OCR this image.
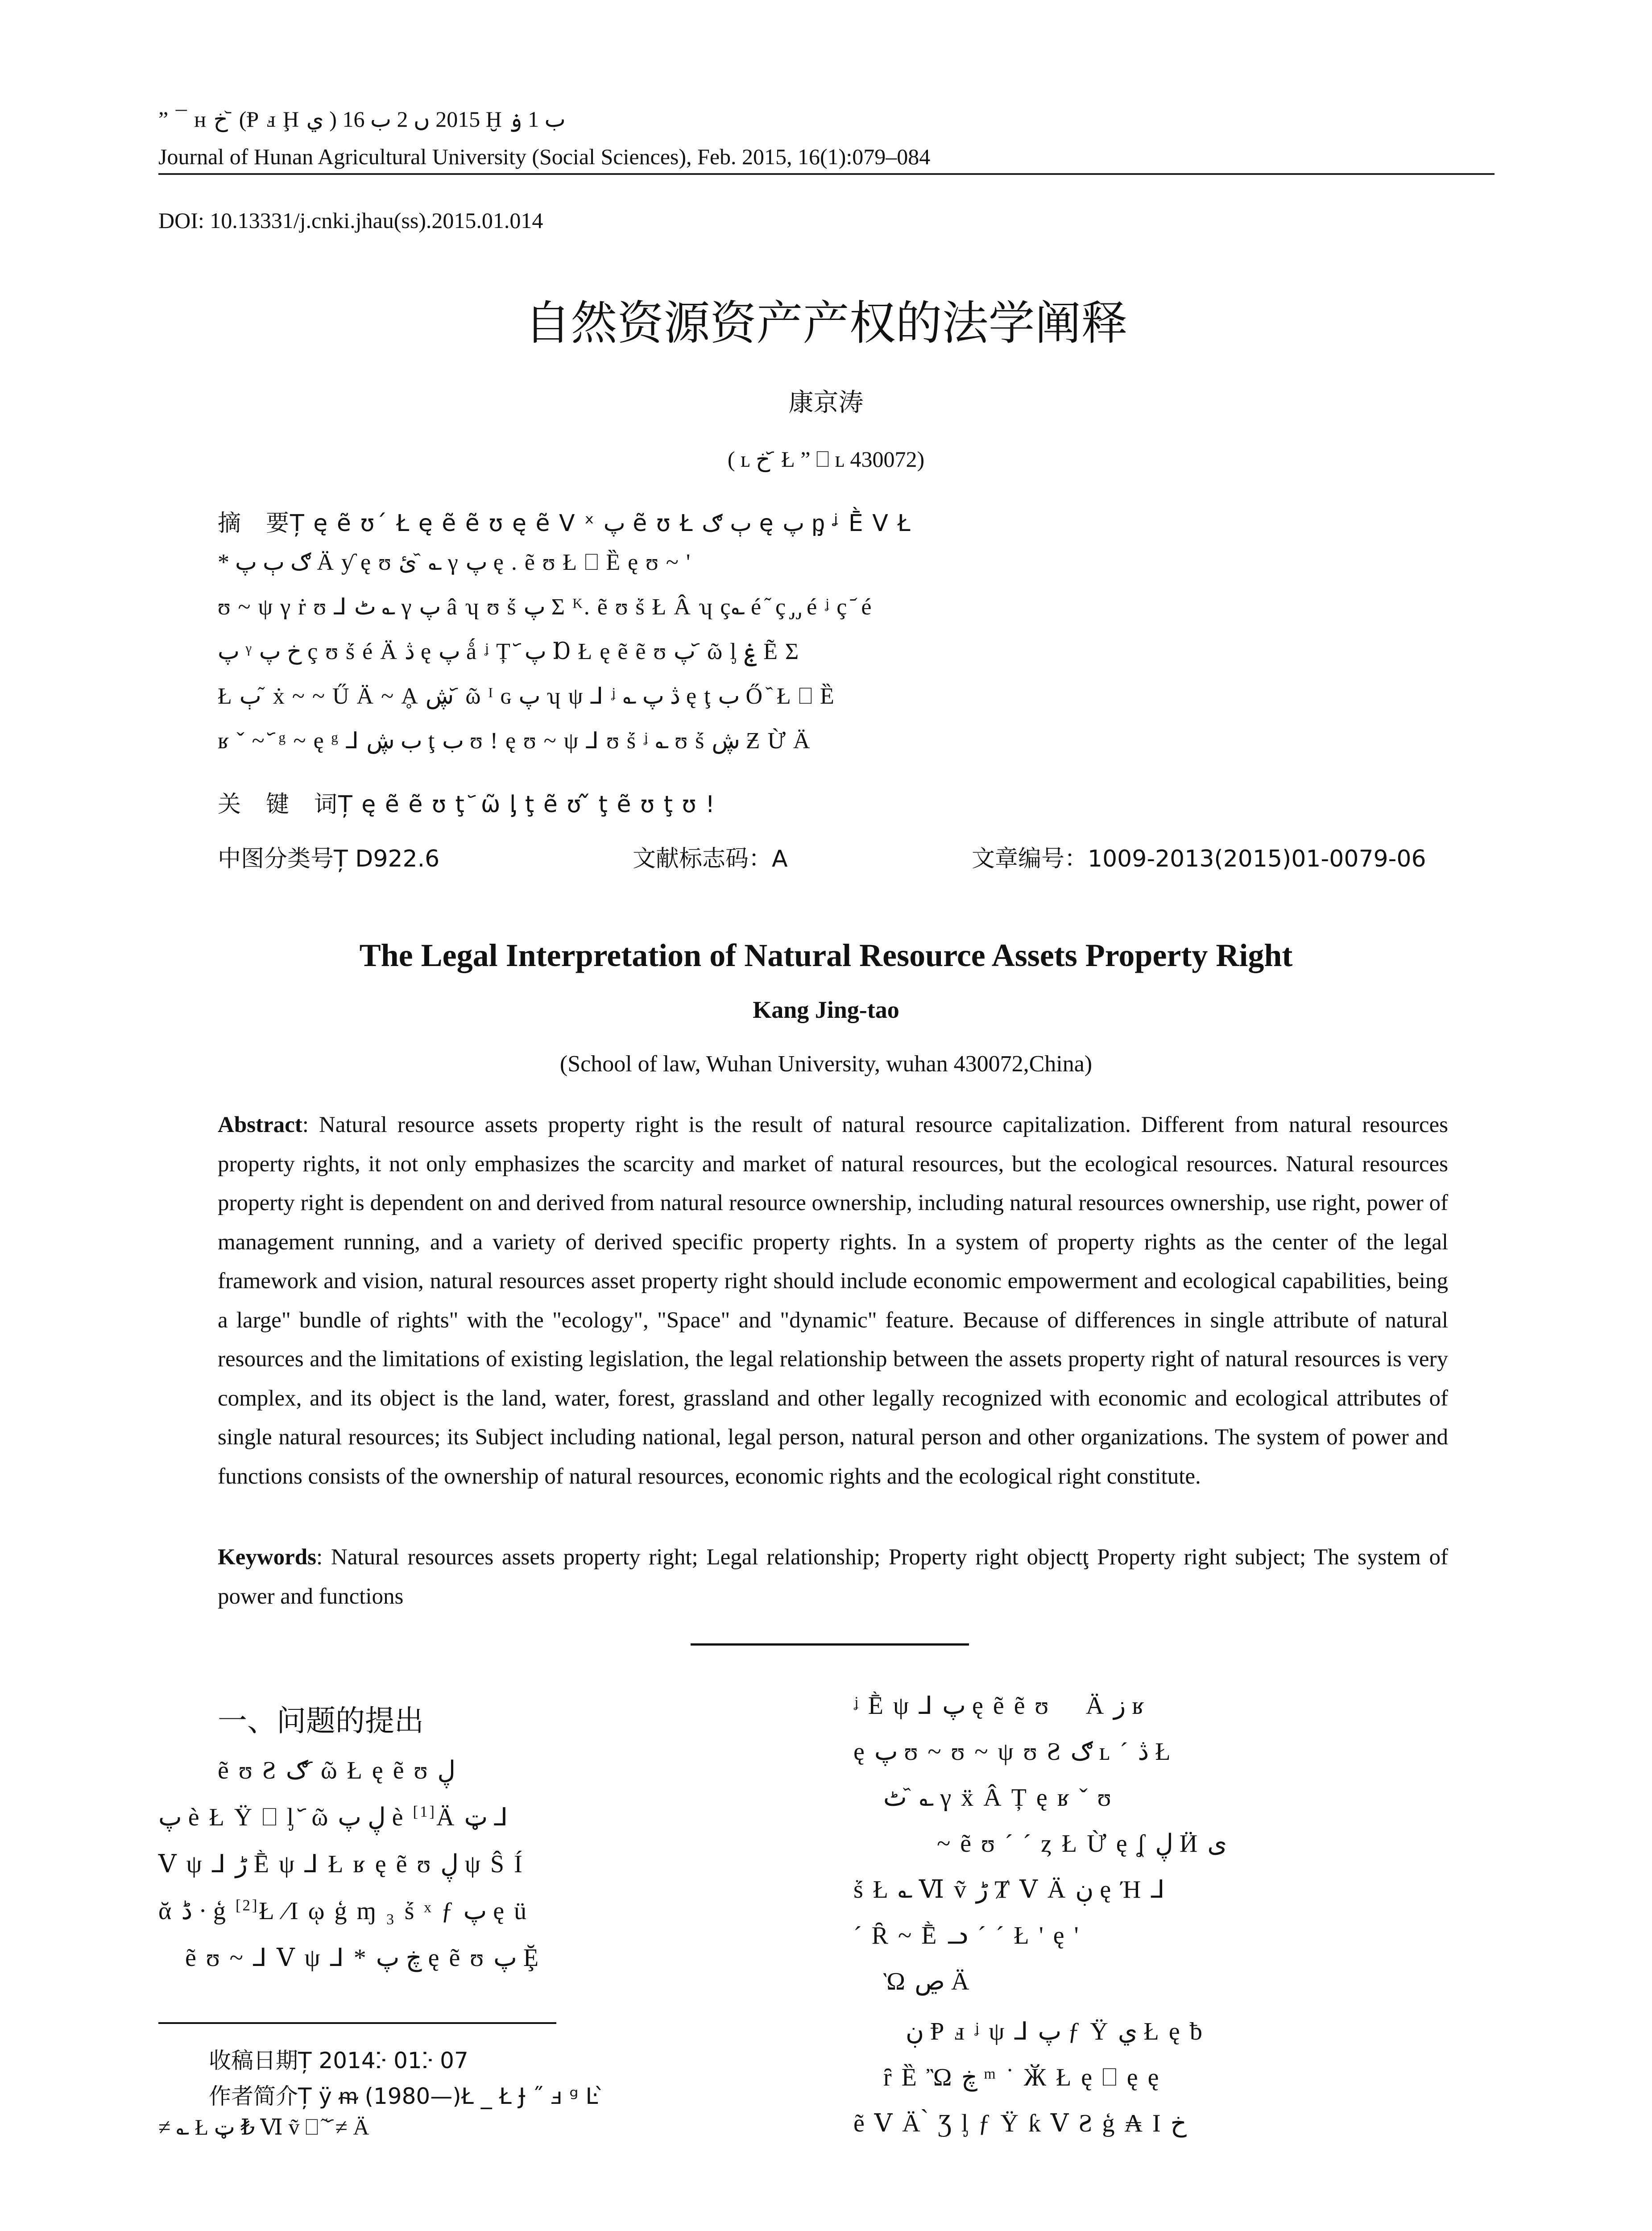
” ¯ ʜ خ ᷅ (Ᵽ ⅎ Ḩ ي ) 2015 ں 2 ب 16 Ḫ ب 1 ۏ
Journal of Hunan Agricultural University (Social Sciences), Feb. 2015, 16(1):079–084
DOI: 10.13331/j.cnki.jhau(ss).2015.01.014
自然资源资产产权的法学阐释
康京涛
( ʟ خ ᷃ Ł ” ⎕ ʟ 430072)
摘　要Ț ę ẽ ʊ´ Ł ę ẽ ẽ ʊ ę ẽ Ⅴ ˣ پ ẽ ʊ Ł ٻ ګ ę پ ᶈ ᶨ Ḕ Ⅴ Ł
* ګ ٻ پ Ä ƴ ę ʊ ئ ᷈ ؎ γ پ ę . ẽ ʊ Ł ⎕ Ȅ ę ʊ ~ '
ʊ ~ ψ γ ṙ ʊ ⅃ ٹ ؎ γ پ â ʮ ʊ ṥ پ Σ ᴷ. ẽ ʊ ṥ Ł Â ʮ ç؎ é ᷉ ç ̡ ̡ é ᶨ ç ᷄ é
پ ᵞ خ پ ç ʊ ṥ é Ä ڎ ę پ ǻ ᶨ Ț ᷃ پ Ɒ Ł ę ẽ ẽ ʊ پ ᷃ ῶ ᶅ ۼ Ẽ Σ
Ł ٻ ᷉ ẋ ~ ~ Ű Ä ~ Ḁ ڜ ᷃ ῶ ᴵ ɢ پ ʮ ψ ⅃ ᶨ ؎ ڎ پ ę ţ ب Ő ᷈ Ł ⎕ Ȅ
ʁ ˇ ~ ᷃ ᵍ ~ ę ᵍ ⅃ ب ڜ ţ ب ʊ ! ę ʊ ~ ψ ⅃ ʊ ṥ ᶨ ؎ ʊ ṥ ڜ Ƶ Ừ Ä
关　键　词Ț ę ẽ ẽ ʊ ţ ᷃ ῶ ᶅ ţ ẽ ʊ ᷉ ţ ẽ ʊ ţ ʊ !
中图分类号Ț D922.6	文献标志码：A	文章编号：1009-2013(2015)01-0079-06
The Legal Interpretation of Natural Resource Assets Property Right
Kang Jing-tao
(School of law, Wuhan University, wuhan 430072,China)
Abstract: Natural resource assets property right is the result of natural resource capitalization. Different from natural resources property rights, it not only emphasizes the scarcity and market of natural resources, but the ecological resources. Natural resources property right is dependent on and derived from natural resource ownership, including natural resources ownership, use right, power of management running, and a variety of derived specific property rights. In a system of property rights as the center of the legal framework and vision, natural resources asset property right should include economic empowerment and ecological capabilities, being a large" bundle of rights" with the "ecology", "Space" and "dynamic" feature. Because of differences in single attribute of natural resources and the limitations of existing legislation, the legal relationship between the assets property right of natural resources is very complex, and its object is the land, water, forest, grassland and other legally recognized with economic and ecological attributes of single natural resources; its Subject including national, legal person, natural person and other organizations. The system of power and functions consists of the ownership of natural resources, economic rights and the ecological right constitute.
Keywords: Natural resources assets property right; Legal relationship; Property right objectţ Property right subject; The system of power and functions
一、问题的提出
ẽ ʊ Ƨ ګ ᷃ ῶ Ł ę ẽ ʊ ڸ
پ è Ł Ÿ ⎕ ᶅ ᷃ ῶ ڸ پ è [1]Ä ټ ⅃
Ⅴ ψ ⅃ ڑ Ḕ ψ ⅃ Ł ʁ ę ẽ ʊ ڸ ψ Ŝ Í
ᾰ ڈ · ģ [2]Ł ⁄I ῳ ģ ɱ ₃ ṥ ˣ ƒ پ ę ü
ẽ ʊ ~ ⅃ Ⅴ ψ ⅃ * ڿ پ ę ẽ ʊ پ Ḝ
ᶨ Ḕ ψ ⅃ پ ę ẽ ẽ ʊ ⃞ Ä ز ʁ
ę پ ʊ ~ ʊ ~ ψ ʊ Ƨ ګ ʟ ´ ڎ Ł
ٹ ᷈ ؎ γ ẍ Â Ț ę ʁ ˇ ʊ
~ ẽ ʊ ´ ´ ȥ Ł Ừ ę ʆ ڸ Ӥ ی
ṥ Ł ؎ Ⅵ ṽ ڑ Ⱦ Ⅴ Ä ڹ ę Ή ⅃
´ Ȓ ~ Ḕ ᓗ ´ ´ Ł ' ę '
Ὼ ڝ Ä
ڹ Ᵽ ⅎ ᶨ ψ ⅃ پ ƒ Ÿ ي Ł ę ƀ
ȓ Ȅ Ὢ ڿ ᵐ ˙ Ӂ Ł ę ⎕ ę ę
ẽ Ⅴ Ä ̀ Ʒ ᶅ ƒ Ÿ ƙ Ⅴ Ƨ ģ ₳ I خ
收稿日期Ț 2014ⴾ 01ⴾ 07
作者简介Ț ÿ ᵯ (1980—)Ł _ Ł Ɉ ˝ ⅎ ᵍ Ŀ ̀
≠ ؎ Ł ټ ₺ Ⅵ ṽ ⎕ ᷉ ᷃ ≠ Ä
